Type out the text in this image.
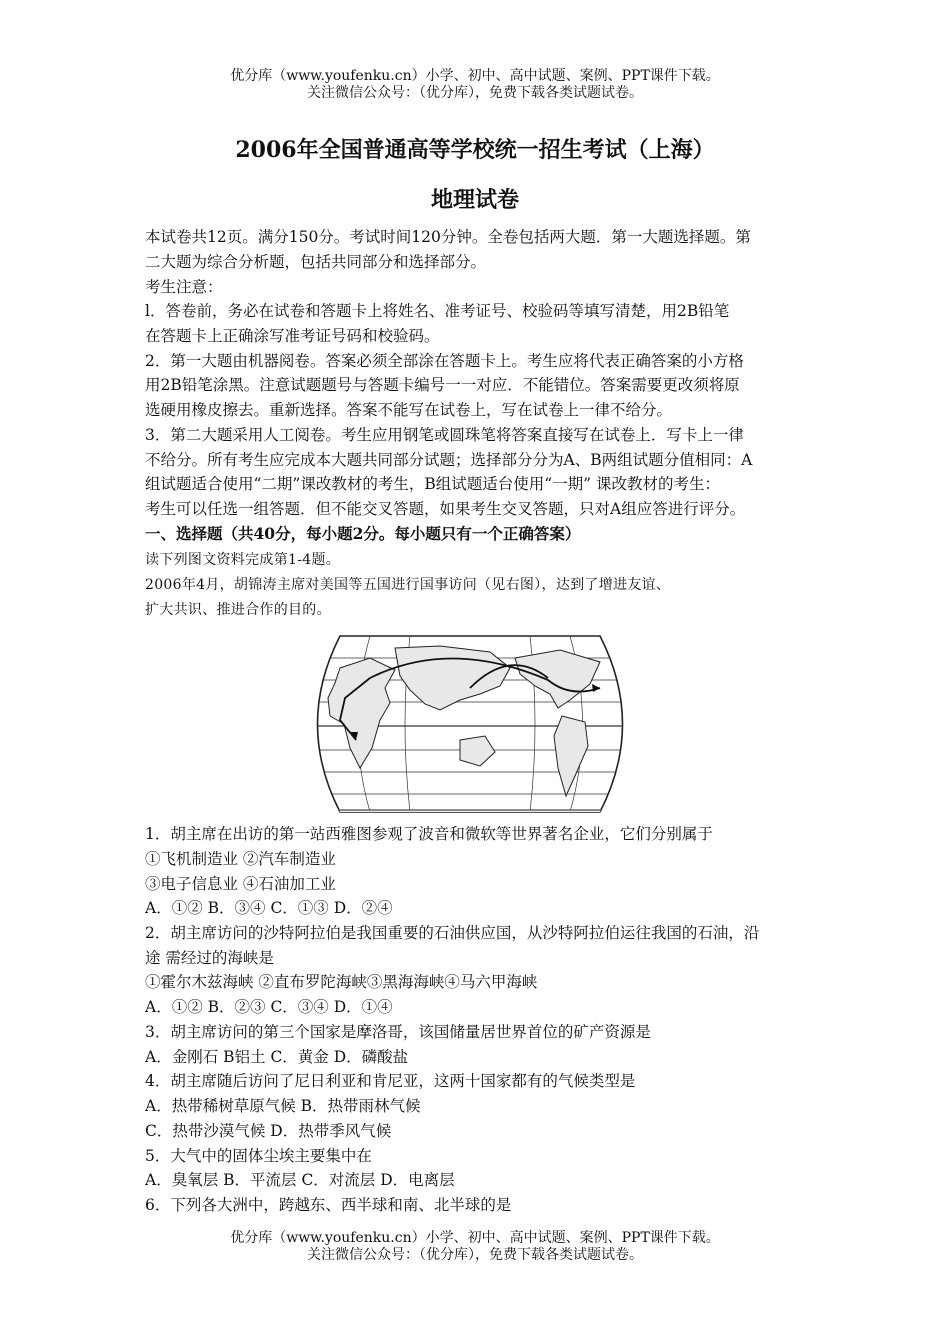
优分库（www.youfenku.cn）小学、初中、高中试题、案例、PPT课件下载。
关注微信公众号：（优分库），免费下载各类试题试卷。
2006年全国普通高等学校统一招生考试（上海）
地理试卷
本试卷共12页。满分150分。考试时间120分钟。全卷包括两大题．第一大题选择题。第
二大题为综合分析题，包括共同部分和选择部分。
考生注意：
l．答卷前，务必在试卷和答题卡上将姓名、准考证号、校验码等填写清楚，用2B铅笔
在答题卡上正确涂写准考证号码和校验码。
2．第一大题由机器阅卷。答案必须全部涂在答题卡上。考生应将代表正确答案的小方格
用2B铅笔涂黑。注意试题题号与答题卡编号一一对应．不能错位。答案需要更改须将原
选硬用橡皮擦去。重新选择。答案不能写在试卷上，写在试卷上一律不给分。
3．第二大题采用人工阅卷。考生应用钢笔或圆珠笔将答案直接写在试卷上．写卡上一律
不给分。所有考生应完成本大题共同部分试题；选择部分分为A、B两组试题分值相同：A
组试题适合使用“二期”课改教材的考生，B组试题适台使用“一期” 课改教材的考生：
考生可以任选一组答题．但不能交叉答题，如果考生交叉答题，只对A组应答进行评分。
一、选择题（共40分，每小题2分。每小题只有一个正确答案）
读下列图文资料完成第1-4题。
2006年4月，胡锦涛主席对美国等五国进行国事访问（见右图），达到了增进友谊、
扩大共识、推进合作的目的。
1．胡主席在出访的第一站西雅图参观了波音和微软等世界著名企业，它们分别属于
①飞机制造业 ②汽车制造业
③电子信息业 ④石油加工业
A．①② B．③④ C．①③ D．②④
2．胡主席访问的沙特阿拉伯是我国重要的石油供应国，从沙特阿拉伯运往我国的石油，沿
途 需经过的海峡是
①霍尔木兹海峡 ②直布罗陀海峡③黑海海峡④马六甲海峡
A．①② B．②③ C．③④ D．①④
3．胡主席访问的第三个国家是摩洛哥，该国储量居世界首位的矿产资源是
A．金刚石 B铝土 C．黄金 D．磷酸盐
4．胡主席随后访问了尼日利亚和肯尼亚，这两十国家都有的气候类型是
A．热带稀树草原气候 B．热带雨林气候
C．热带沙漠气候 D．热带季风气候
5．大气中的固体尘埃主要集中在
A．臭氧层 B．平流层 C．对流层 D．电离层
6．下列各大洲中，跨越东、西半球和南、北半球的是
优分库（www.youfenku.cn）小学、初中、高中试题、案例、PPT课件下载。
关注微信公众号：（优分库），免费下载各类试题试卷。
